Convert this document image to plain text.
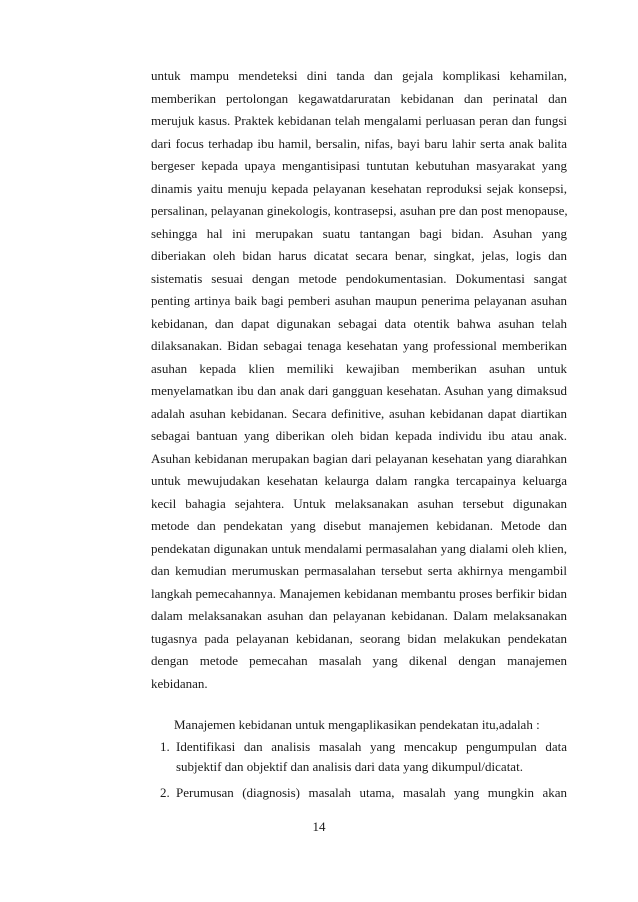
untuk mampu mendeteksi dini tanda dan gejala komplikasi kehamilan,
memberikan pertolongan kegawatdaruratan kebidanan dan perinatal dan
merujuk kasus. Praktek kebidanan telah mengalami perluasan peran dan fungsi
dari focus terhadap ibu hamil, bersalin, nifas, bayi baru lahir serta anak balita
bergeser kepada upaya mengantisipasi tuntutan kebutuhan masyarakat yang
dinamis yaitu menuju kepada pelayanan kesehatan reproduksi sejak konsepsi,
persalinan, pelayanan ginekologis, kontrasepsi, asuhan pre dan post menopause,
sehingga hal ini merupakan suatu tantangan bagi bidan. Asuhan yang
diberiakan oleh bidan harus dicatat secara benar, singkat, jelas, logis dan
sistematis sesuai dengan metode pendokumentasian. Dokumentasi sangat
penting artinya baik bagi pemberi asuhan maupun penerima pelayanan asuhan
kebidanan, dan dapat digunakan sebagai data otentik bahwa asuhan telah
dilaksanakan. Bidan sebagai tenaga kesehatan yang professional memberikan
asuhan kepada klien memiliki kewajiban memberikan asuhan untuk
menyelamatkan ibu dan anak dari gangguan kesehatan. Asuhan yang dimaksud
adalah asuhan kebidanan. Secara definitive, asuhan kebidanan dapat diartikan
sebagai bantuan yang diberikan oleh bidan kepada individu ibu atau anak.
Asuhan kebidanan merupakan bagian dari pelayanan kesehatan yang diarahkan
untuk mewujudakan kesehatan kelaurga dalam rangka tercapainya keluarga
kecil bahagia sejahtera. Untuk melaksanakan asuhan tersebut digunakan
metode dan pendekatan yang disebut manajemen kebidanan. Metode dan
pendekatan digunakan untuk mendalami permasalahan yang dialami oleh klien,
dan kemudian merumuskan permasalahan tersebut serta akhirnya mengambil
langkah pemecahannya. Manajemen kebidanan membantu proses berfikir bidan
dalam melaksanakan asuhan dan pelayanan kebidanan. Dalam melaksanakan
tugasnya pada pelayanan kebidanan, seorang bidan melakukan pendekatan
dengan metode pemecahan masalah yang dikenal dengan manajemen
kebidanan.
Manajemen kebidanan untuk mengaplikasikan pendekatan itu,adalah :
1. Identifikasi dan analisis masalah yang mencakup pengumpulan data
subjektif dan objektif dan analisis dari data yang dikumpul/dicatat.
2. Perumusan (diagnosis) masalah utama, masalah yang mungkin akan
14
